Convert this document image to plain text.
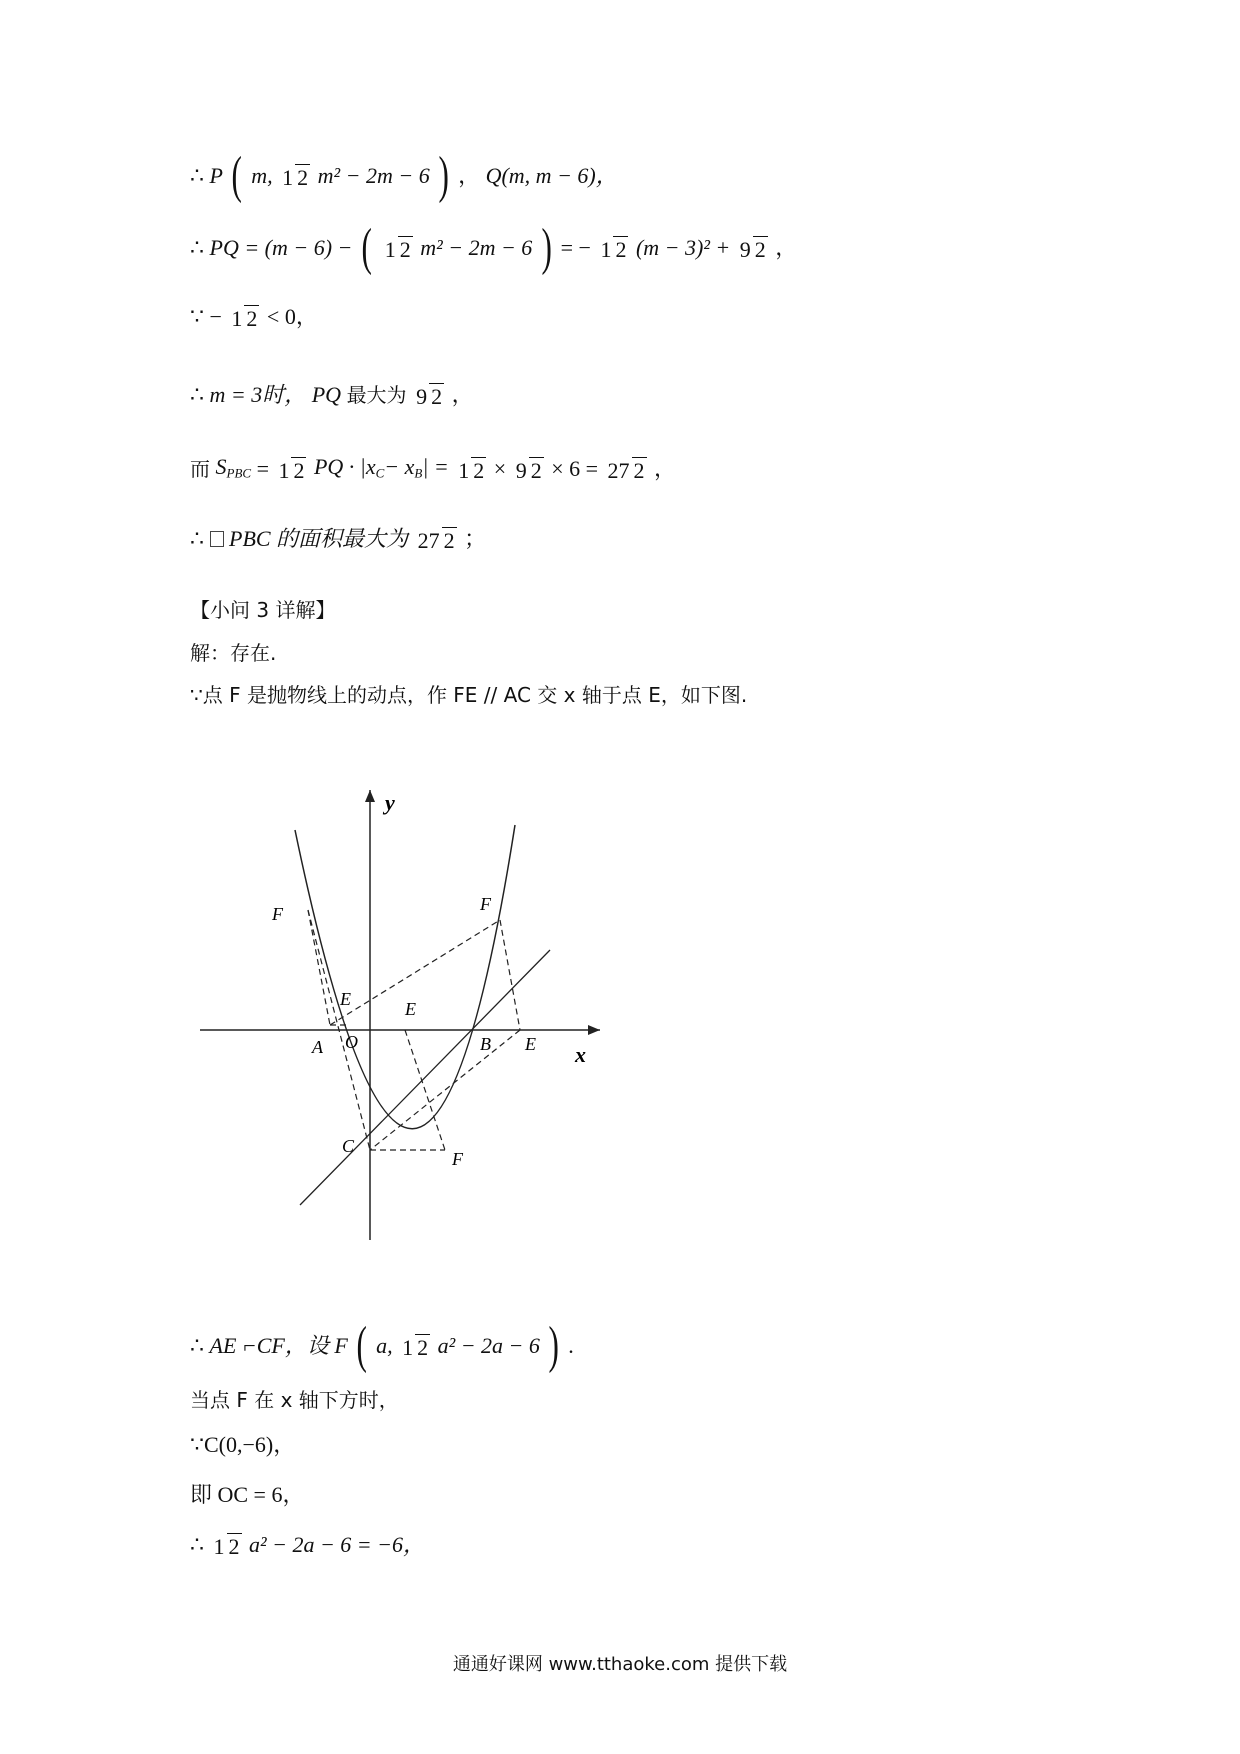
∴ P ( m, 1 2 m² − 2m − 6 ) ， Q(m, m − 6)，
∴ PQ = (m − 6) − ( 1 2 m² − 2m − 6 ) = − 1 2 (m − 3)² + 9 2 ，
∵ − 1 2 < 0，
∴ m = 3时， PQ 最大为 9 2 ，
而 $S_{PBC} = 1$ 2 PQ · $|x_C- x_B| = 1$ 2 × 9 2 × 6 = 27 2 ，
∴ PBC 的面积最大为 27 2 ；
【小问 3 详解】
解：存在.
∵点 F 是抛物线上的动点，作 FE // AC 交 x 轴于点 E，如下图.
y
x
F	F
F
E	E
E
A O	B
C
∴ AE ⌐CF，设 F ( a, 1 2 a² − 2a − 6 ) .
当点 F 在 x 轴下方时，
∵C(0,−6)，
即 OC = 6，
∴ 1 2 a² − 2a − 6 = −6，
通通好课网 www.tthaoke.com 提供下载
